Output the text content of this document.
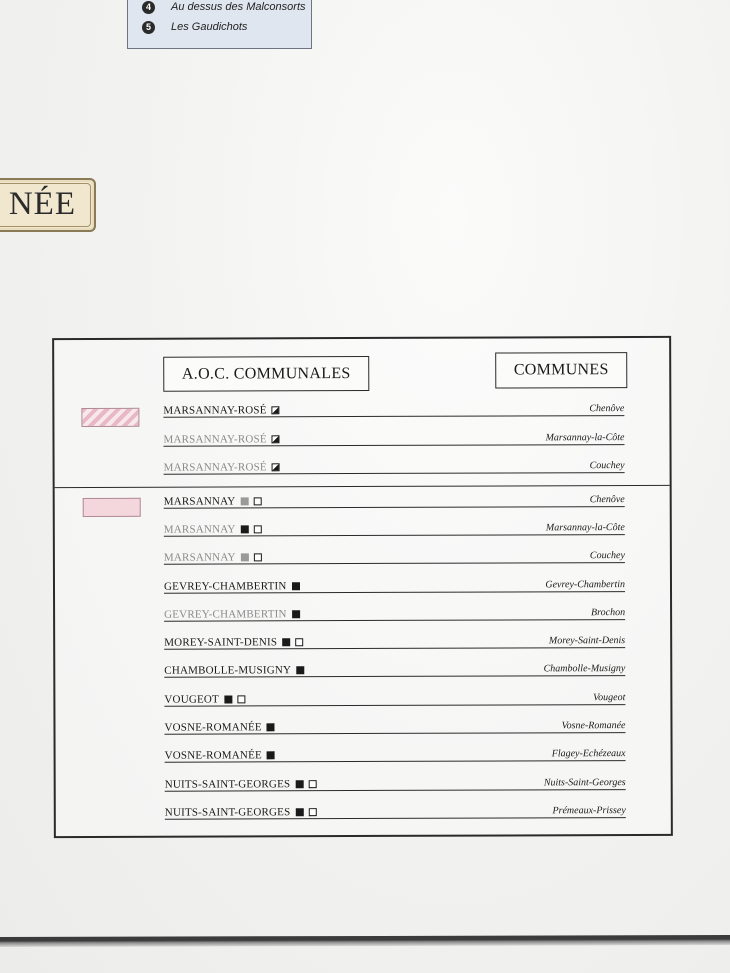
4	Au dessus des Malconsorts
5	Les Gaudichots
NÉE
A.O.C. COMMUNALES	COMMUNES
MARSANNAY-ROSÉ	Chenôve
MARSANNAY-ROSÉ	Marsannay-la-Côte
MARSANNAY-ROSÉ	Couchey
MARSANNAY	Chenôve
MARSANNAY	Marsannay-la-Côte
MARSANNAY	Couchey
GEVREY-CHAMBERTIN	Gevrey-Chambertin
GEVREY-CHAMBERTIN	Brochon
MOREY-SAINT-DENIS	Morey-Saint-Denis
CHAMBOLLE-MUSIGNY	Chambolle-Musigny
VOUGEOT	Vougeot
VOSNE-ROMANÉE	Vosne-Romanée
VOSNE-ROMANÉE	Flagey-Echézeaux
NUITS-SAINT-GEORGES	Nuits-Saint-Georges
NUITS-SAINT-GEORGES	Prémeaux-Prissey
